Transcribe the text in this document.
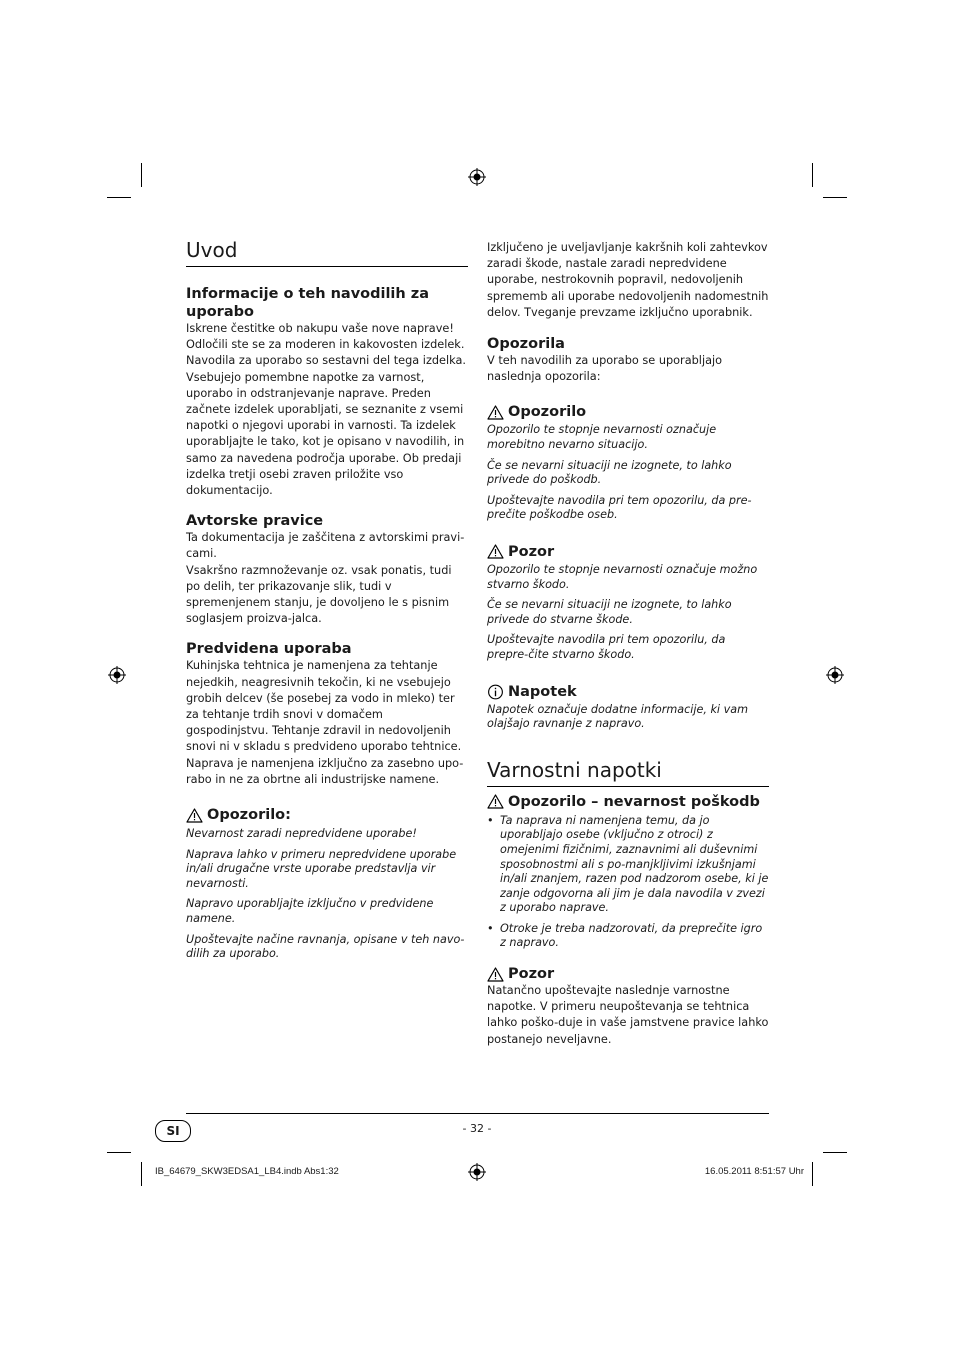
Uvod
Informacije o teh navodilih za uporabo

Iskrene čestitke ob nakupu vaše nove naprave! Odločili ste se za moderen in kakovosten izdelek. Navodila za uporabo so sestavni del tega izdelka. Vsebujejo pomembne napotke za varnost, uporabo in odstranjevanje naprave. Preden začnete izdelek uporabljati, se seznanite z vsemi napotki o njegovi uporabi in varnosti. Ta izdelek uporabljajte le tako, kot je opisano v navodilih, in samo za navedena področja uporabe. Ob predaji izdelka tretji osebi zraven priložite vso dokumentacijo.

Avtorske pravice

Ta dokumentacija je zaščitena z avtorskimi pravi-cami.

Vsakršno razmnoževanje oz. vsak ponatis, tudi po delih, ter prikazovanje slik, tudi v spremenjenem stanju, je dovoljeno le s pisnim soglasjem proizva-jalca.

Predvidena uporaba

Kuhinjska tehtnica je namenjena za tehtanje nejedkih, neagresivnih tekočin, ki ne vsebujejo grobih delcev (še posebej za vodo in mleko) ter za tehtanje trdih snovi v domačem gospodinjstvu. Tehtanje zdravil in nedovoljenih snovi ni v skladu s predvideno uporabo tehtnice.

Naprava je namenjena izključno za zasebno upo-rabo in ne za obrtne ali industrijske namene.

Opozorilo:

Nevarnost zaradi nepredvidene uporabe!

Naprava lahko v primeru nepredvidene uporabe in/ali drugačne vrste uporabe predstavlja vir nevarnosti.

Napravo uporabljajte izključno v predvidene namene.

Upoštevajte načine ravnanja, opisane v teh navo-dilih za uporabo.

Izključeno je uveljavljanje kakršnih koli zahtevkov zaradi škode, nastale zaradi nepredvidene uporabe, nestrokovnih popravil, nedovoljenih sprememb ali uporabe nedovoljenih nadomestnih delov. Tveganje prevzame izključno uporabnik.

Opozorila

V teh navodilih za uporabo se uporabljajo naslednja opozorila:

Opozorilo

Opozorilo te stopnje nevarnosti označuje morebitno nevarno situacijo.

Če se nevarni situaciji ne izognete, to lahko privede do poškodb.

Upoštevajte navodila pri tem opozorilu, da pre-prečite poškodbe oseb.

Pozor

Opozorilo te stopnje nevarnosti označuje možno stvarno škodo.

Če se nevarni situaciji ne izognete, to lahko privede do stvarne škode.

Upoštevajte navodila pri tem opozorilu, da prepre-čite stvarno škodo.

Napotek

Napotek označuje dodatne informacije, ki vam olajšajo ravnanje z napravo.

Varnostni napotki
Opozorilo – nevarnost poškodb
• Ta naprava ni namenjena temu, da jo uporabljajo osebe (vključno z otroci) z omejenimi fizičnimi, zaznavnimi ali duševnimi sposobnostmi ali s po-manjkljivimi izkušnjami in/ali znanjem, razen pod nadzorom osebe, ki je zanje odgovorna ali jim je dala navodila v zvezi z uporabo naprave.
• Otroke je treba nadzorovati, da preprečite igro z napravo.
Pozor

Natančno upoštevajte naslednje varnostne napotke. V primeru neupoštevanja se tehtnica lahko poško-duje in vaše jamstvene pravice lahko postanejo neveljavne.

SI	- 32 -
IB_64679_SKW3EDSA1_LB4.indb Abs1:32	16.05.2011 8:51:57 Uhr
